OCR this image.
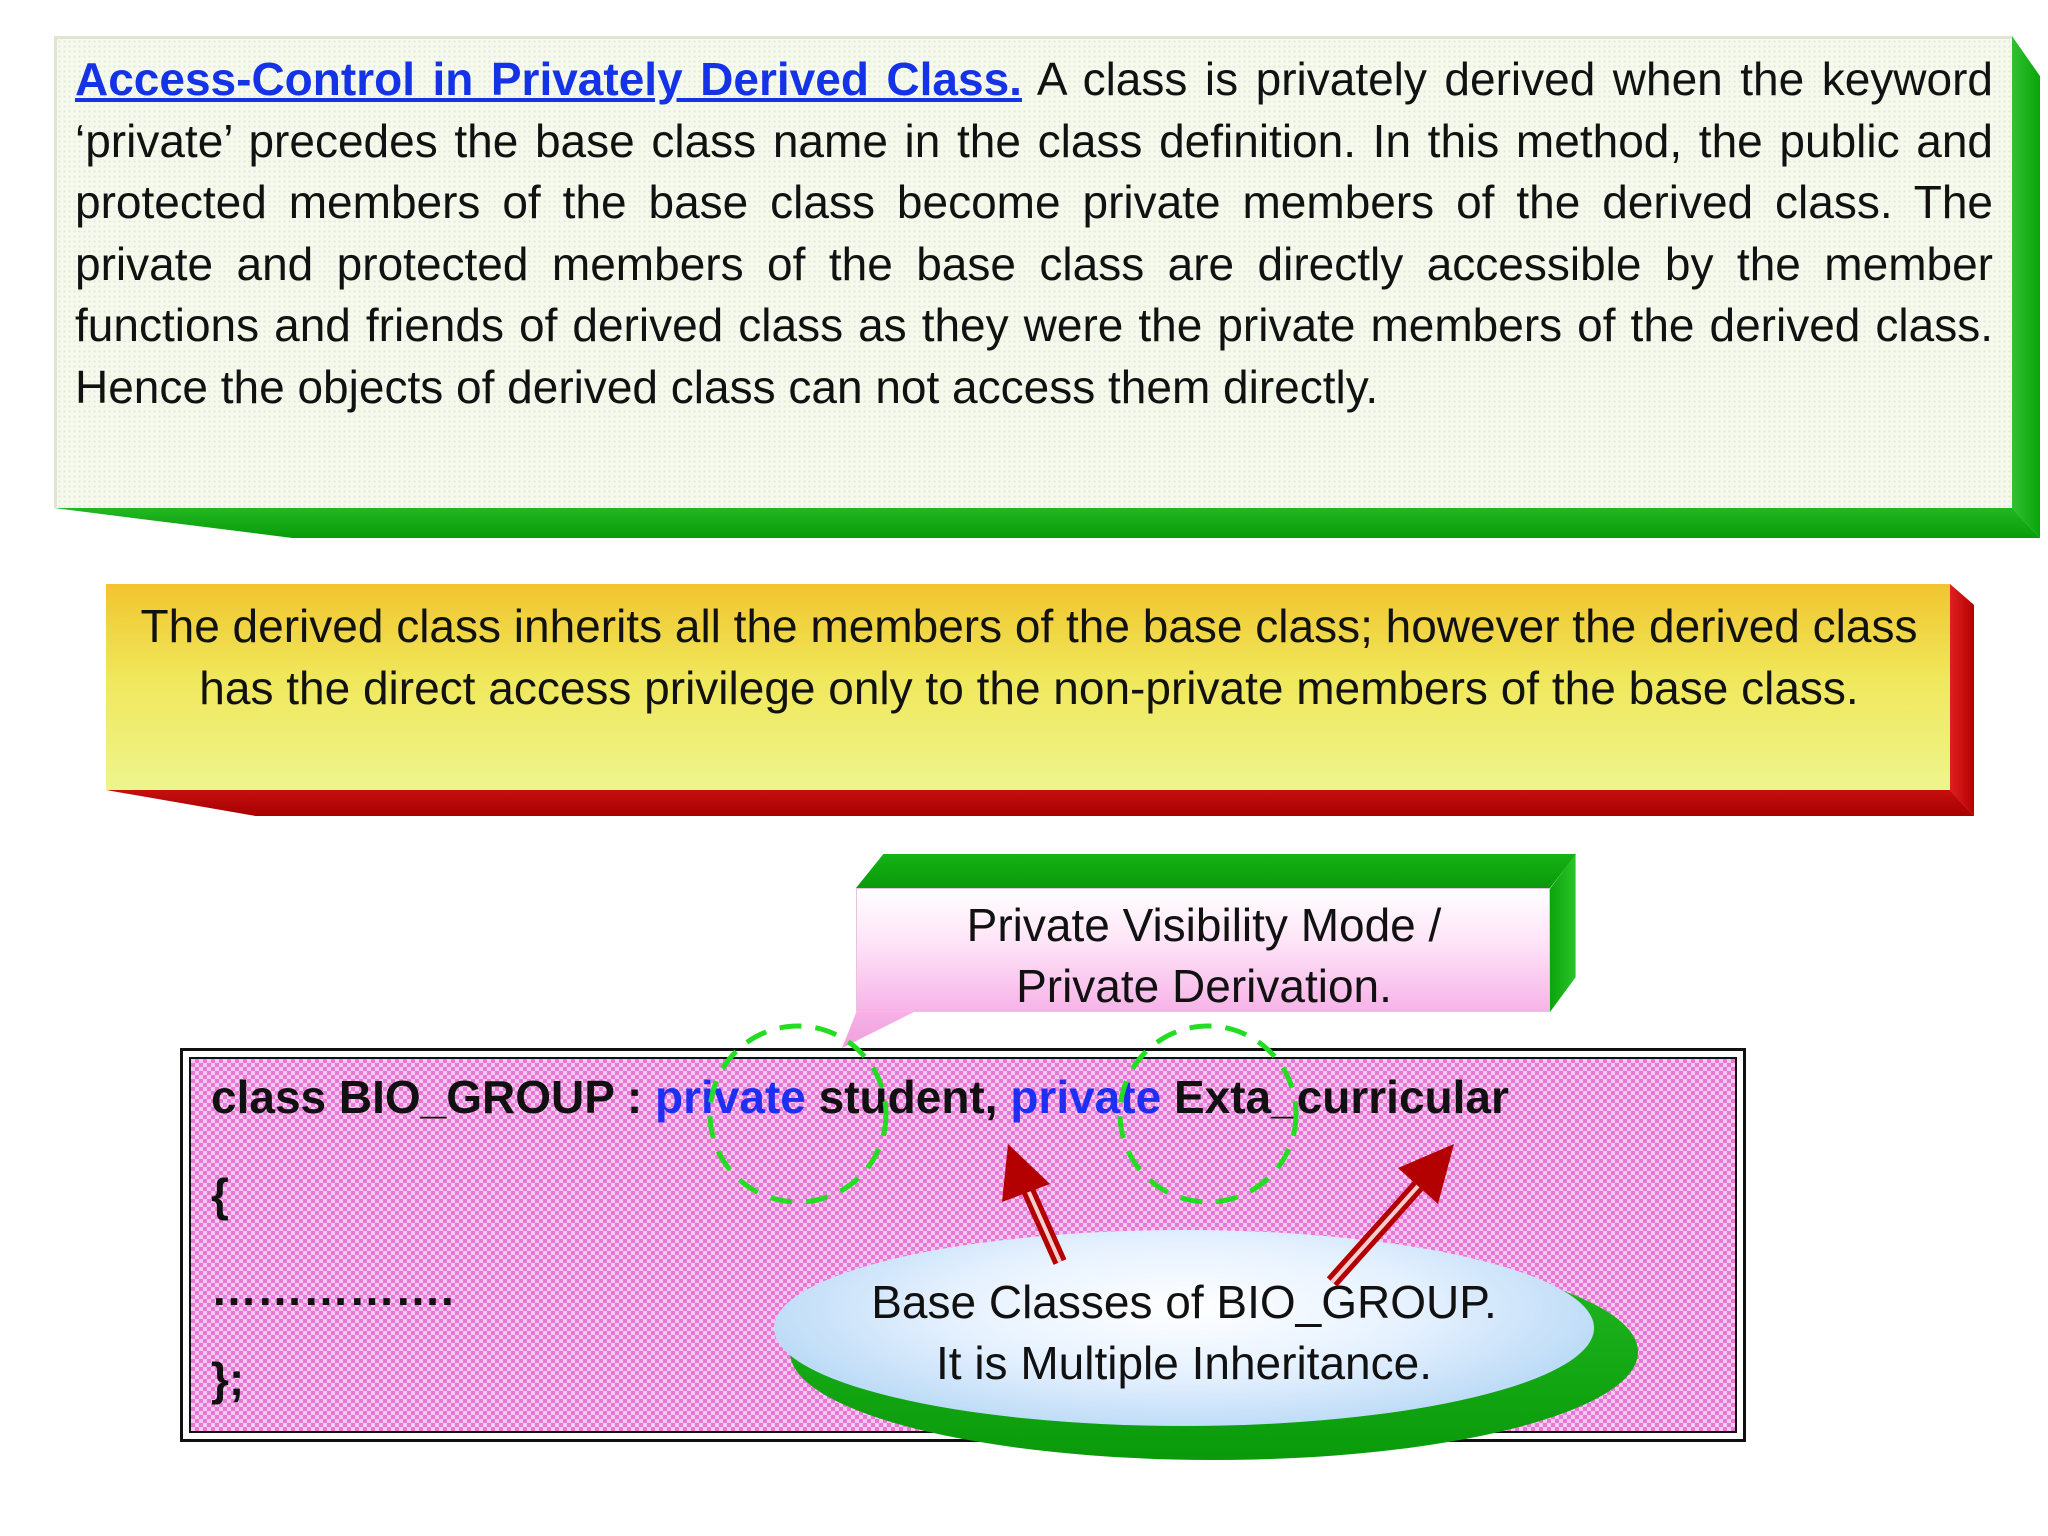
Access-Control in Privately Derived Class. A class is privately derived when the keyword ‘private’ precedes the base class name in the class definition. In this method, the public and protected members of the base class become private members of the derived class. The private and protected members of the base class are directly accessible by the member functions and friends of derived class as they were the private members of the derived class. Hence the objects of derived class can not access them directly.

The derived class inherits all the members of the base class; however the derived class has the direct access privilege only to the non-private members of the base class.

class BIO_GROUP : private student, private Exta_curricular

{

…………….

};

Private Visibility Mode /
Private Derivation.

Base Classes of BIO_GROUP.
It is Multiple Inheritance.
